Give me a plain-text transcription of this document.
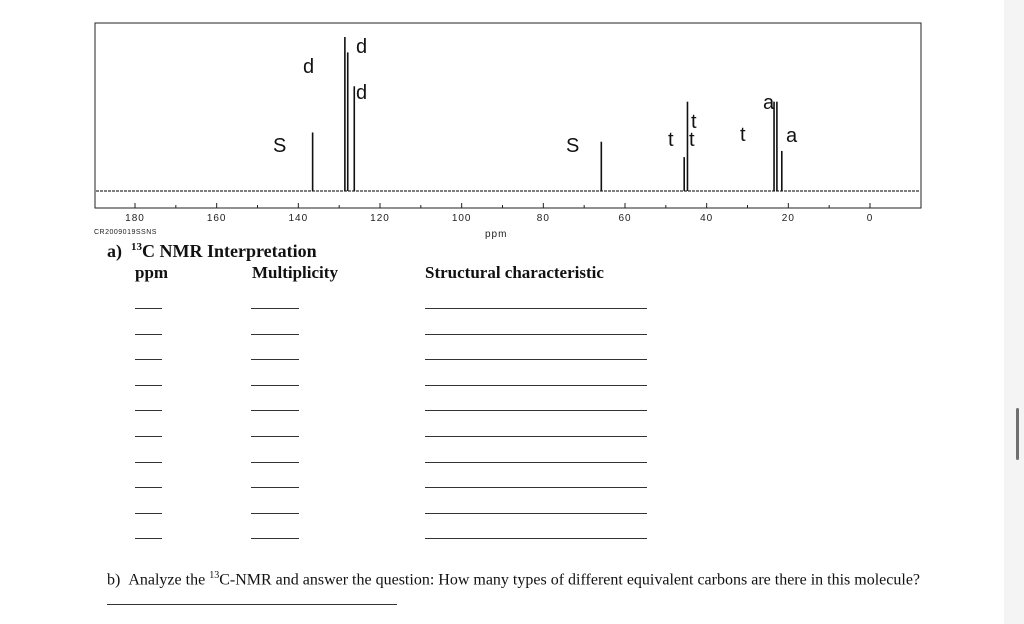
180	160	140	120	100	80	60	40	20	0
d
d
d
S	S	t
t
t t
a
a
ppm
CR2009019SSNS
a) $^{13}$C NMR Interpretation
ppm	Multiplicity	Structural characteristic
b) Analyze the $^{13}$C-NMR and answer the question: How many types of different equivalent carbons are there in this molecule?
